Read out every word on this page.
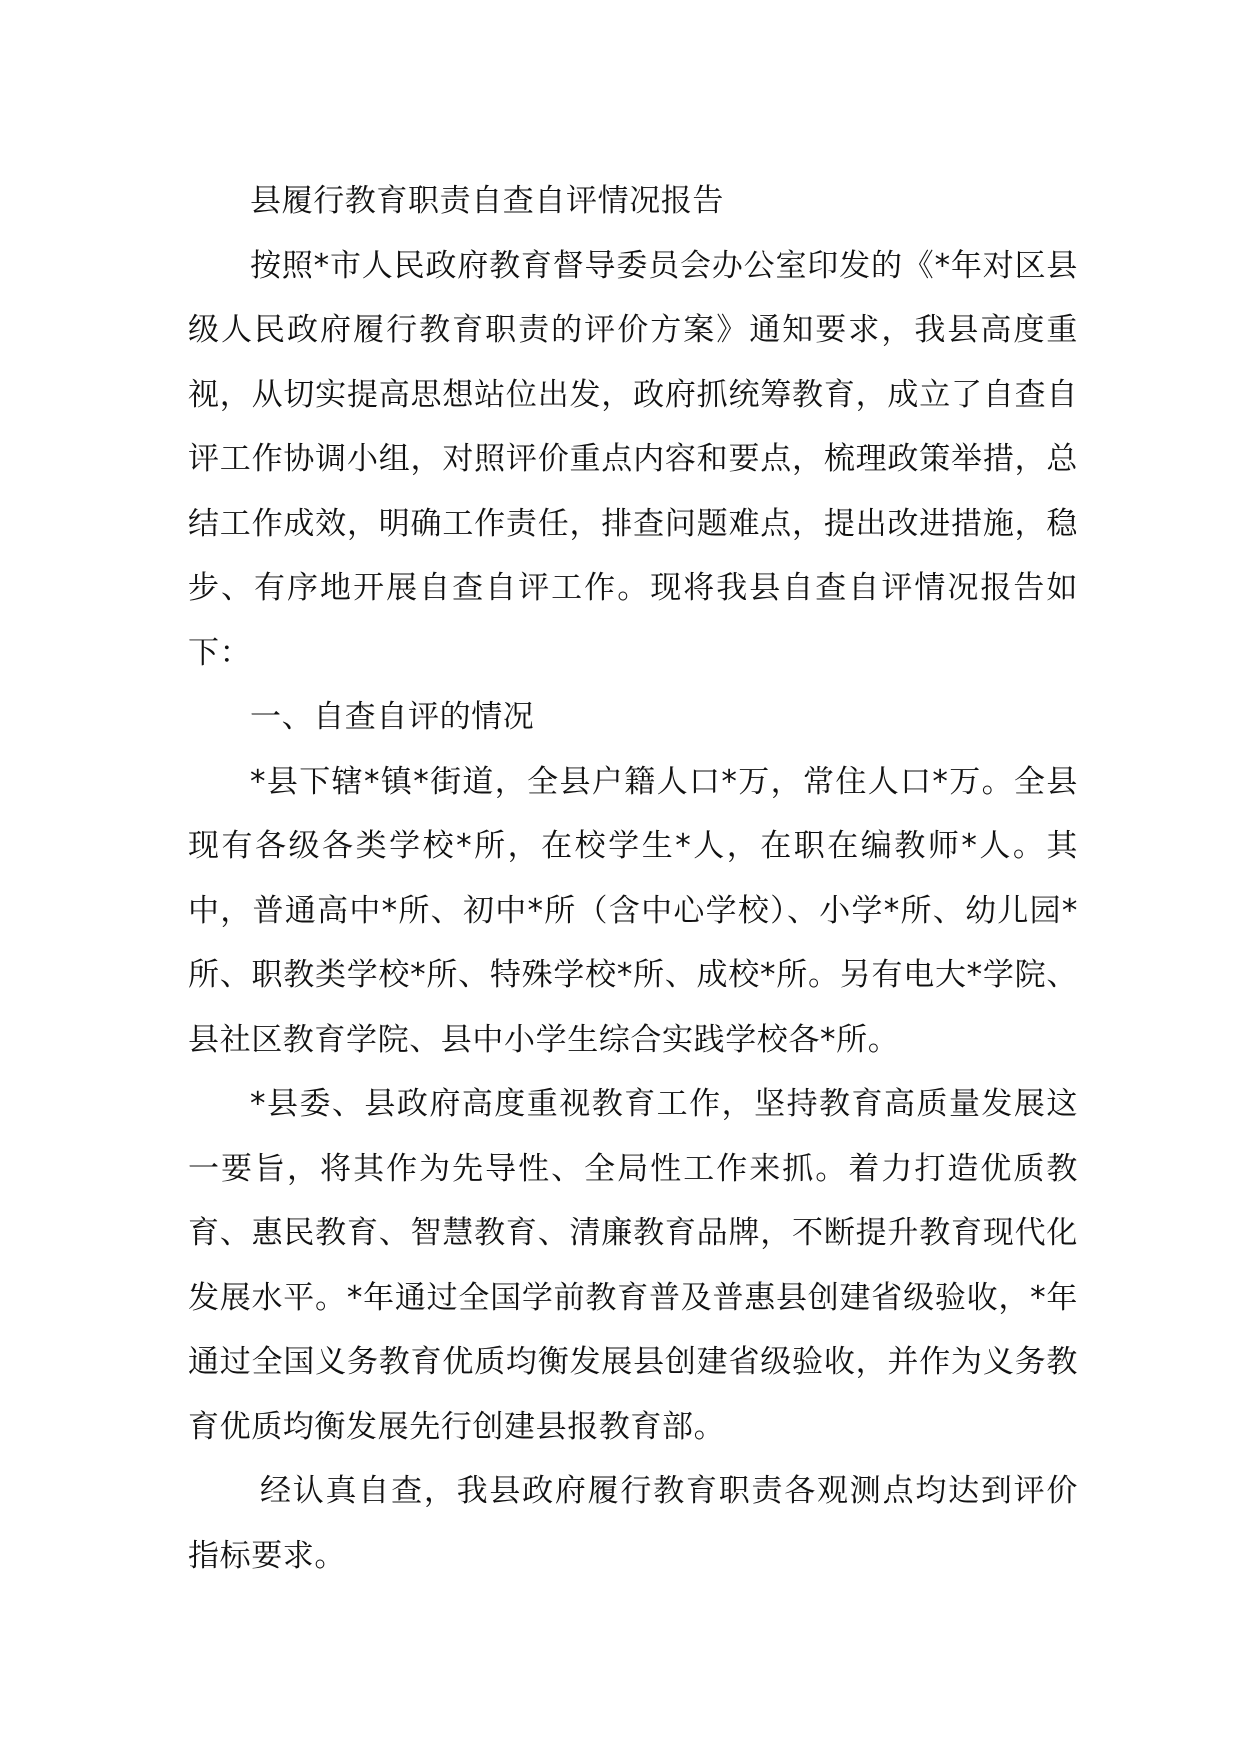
县履行教育职责自查自评情况报告

按照*市人民政府教育督导委员会办公室印发的《*年对区县级人民政府履行教育职责的评价方案》通知要求，我县高度重视，从切实提高思想站位出发，政府抓统筹教育，成立了自查自评工作协调小组，对照评价重点内容和要点，梳理政策举措，总结工作成效，明确工作责任，排查问题难点，提出改进措施，稳步、有序地开展自查自评工作。现将我县自查自评情况报告如下：

一、自查自评的情况

*县下辖*镇*街道，全县户籍人口*万，常住人口*万。全县现有各级各类学校*所，在校学生*人，在职在编教师*人。其中，普通高中*所、初中*所（含中心学校）、小学*所、幼儿园*所、职教类学校*所、特殊学校*所、成校*所。另有电大*学院、县社区教育学院、县中小学生综合实践学校各*所。

*县委、县政府高度重视教育工作，坚持教育高质量发展这一要旨，将其作为先导性、全局性工作来抓。着力打造优质教育、惠民教育、智慧教育、清廉教育品牌，不断提升教育现代化发展水平。*年通过全国学前教育普及普惠县创建省级验收，*年通过全国义务教育优质均衡发展县创建省级验收，并作为义务教育优质均衡发展先行创建县报教育部。

经认真自查，我县政府履行教育职责各观测点均达到评价指标要求。
